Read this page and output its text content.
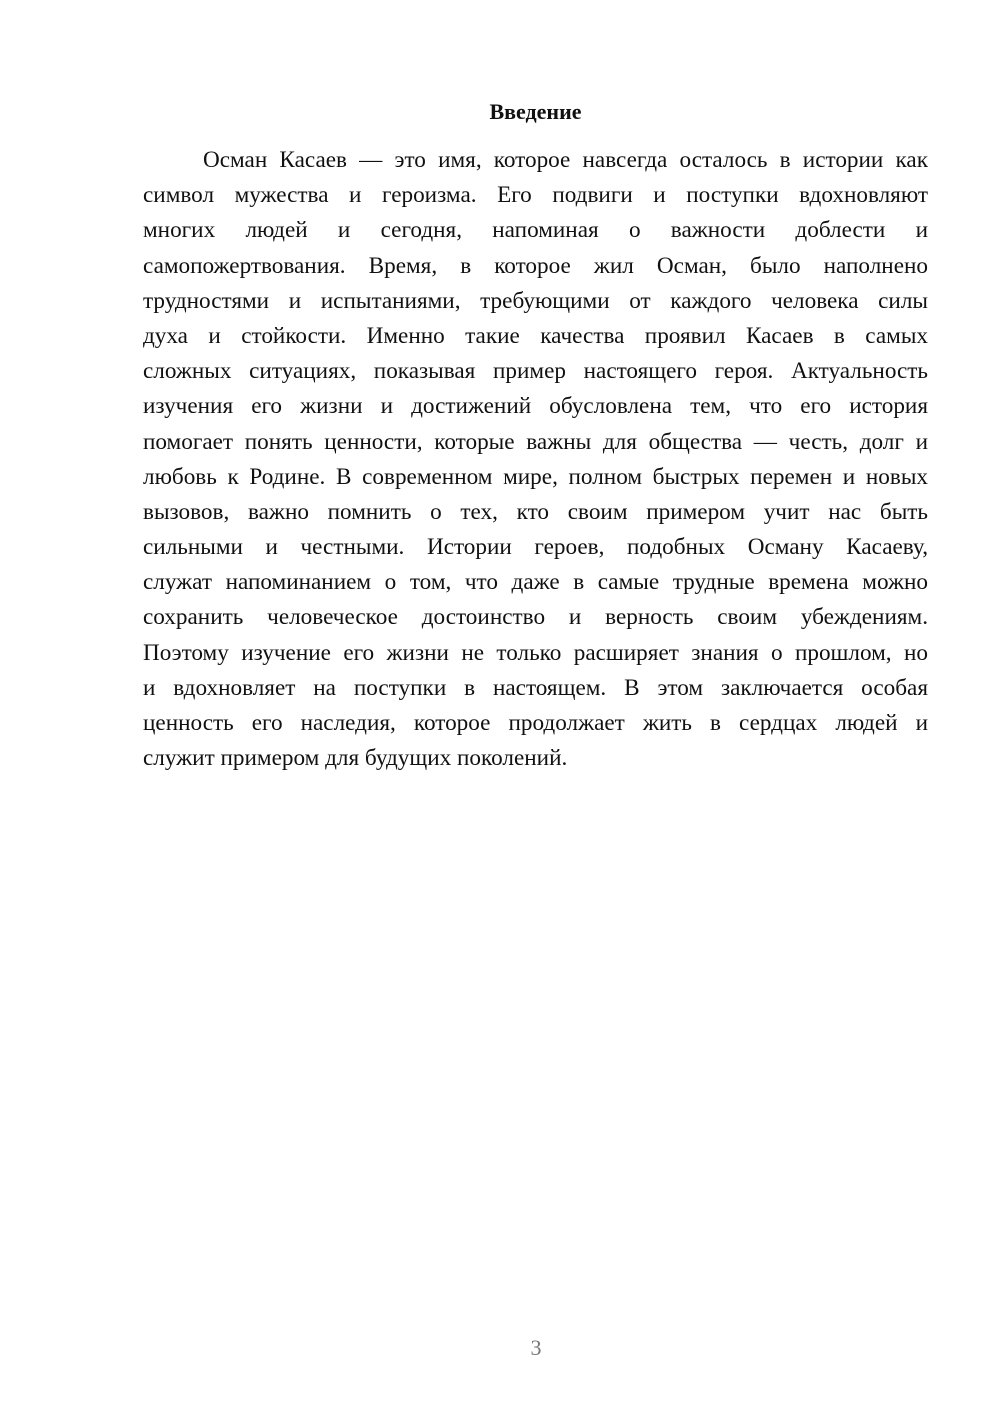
Введение
Осман Касаев — это имя, которое навсегда осталось в истории как
символ мужества и героизма. Его подвиги и поступки вдохновляют
многих людей и сегодня, напоминая о важности доблести и
самопожертвования. Время, в которое жил Осман, было наполнено
трудностями и испытаниями, требующими от каждого человека силы
духа и стойкости. Именно такие качества проявил Касаев в самых
сложных ситуациях, показывая пример настоящего героя. Актуальность
изучения его жизни и достижений обусловлена тем, что его история
помогает понять ценности, которые важны для общества — честь, долг и
любовь к Родине. В современном мире, полном быстрых перемен и новых
вызовов, важно помнить о тех, кто своим примером учит нас быть
сильными и честными. Истории героев, подобных Осману Касаеву,
служат напоминанием о том, что даже в самые трудные времена можно
сохранить человеческое достоинство и верность своим убеждениям.
Поэтому изучение его жизни не только расширяет знания о прошлом, но
и вдохновляет на поступки в настоящем. В этом заключается особая
ценность его наследия, которое продолжает жить в сердцах людей и
служит примером для будущих поколений.
3
